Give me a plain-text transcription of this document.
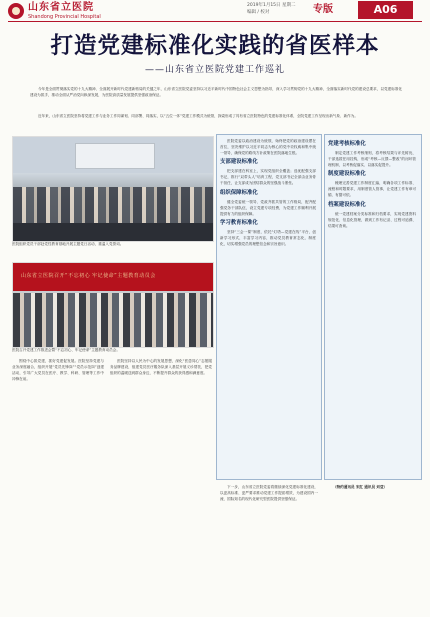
山东省立医院
Shandong Provincial Hospital
2019年1月15日 星期二
编辑 / 校对	专版	A06
打造党建标准化实践的省医样本
——山东省立医院党建工作巡礼

今年是全面贯彻落实党的十九大精神、全面展开新时代党建新格局的关键之年，山东省立医院党委坚持以习近平新时代中国特色社会主义思想为指导，深入学习贯彻党的十九大精神，全面落实新时代党的建设总要求，以党建标准化建设为抓手，推动全面从严治党向纵深发展，为医院高质量发展提供坚强政治保证。

近年来，山东省立医院坚持将党建工作与业务工作同谋划、同部署、同落实，以“五位一体”党建工作模式为统领，探索形成了具有省立医院特色的党建标准化体系，全院党建工作呈现出新气象、新作为。

医院组织党员干部赴党性教育基地开展主题党日活动，重温入党誓词。

山东省立医院召开“不忘初心 牢记使命”主题教育动员会

医院召开党建工作推进会暨“不忘初心、牢记使命”主题教育动员会。

医院党委以政治建设为统领，始终把党的政治建设摆在首位，坚决维护以习近平同志为核心的党中央权威和集中统一领导，确保党的路线方针政策在医院落地生根。

支部建设标准化

把支部建在科室上，实现党组织全覆盖；选优配强支部书记，推行“双带头人”培育工程，党支部书记全部由业务骨干担任，让支部成为团结群众的坚强战斗堡垒。

组织保障标准化

健全党委统一领导、党政齐抓共管的工作格局，配齐配强党务干部队伍，设立党建专项经费，为党建工作顺利开展提供有力的组织保障。

学习教育标准化

坚持“三会一课”制度，依托“灯塔—党建在线”平台，创新学习形式，丰富学习内容，推动党员教育常态化、制度化，切实增强党员的理想信念和宗旨意识。

党建考核标准化

制定党建工作考核细则，将考核结果与评先树优、干部选拔任用挂钩，形成“考核—反馈—整改”的闭环管理机制，以考核促落实、以落实促提升。

制度建设标准化

梳理完善党建工作制度汇编，明确各项工作标准、流程和时限要求，用制度管人管事，让党建工作有章可循、有据可依。

档案建设标准化

统一党建档案分类标准和归档要求，实现党建资料规范化、信息化管理，做到工作有记录、过程可追溯、结果可查询。

围绕中心抓党建，抓好党建促发展。医院坚持党建与业务深度融合，组织开展“党员先锋岗”“党员示范岗”创建活动，引导广大党员在医疗、教学、科研、管理等工作中冲锋在前。

医院坚持以人民为中心的发展思想，深化“医患同心”志愿服务品牌建设，组建党员医疗服务队深入基层开展义诊帮扶，把党组织的温暖送到群众身边，不断提升群众的获得感和满意度。

下一步，山东省立医院党委将继续深化党建标准化建设，以更高标准、更严要求推动党建工作提质增效，为建设国内一流、国际知名的现代化研究型医院提供坚强保证。

（特约通讯员 宋红 通讯员 刘莹）
